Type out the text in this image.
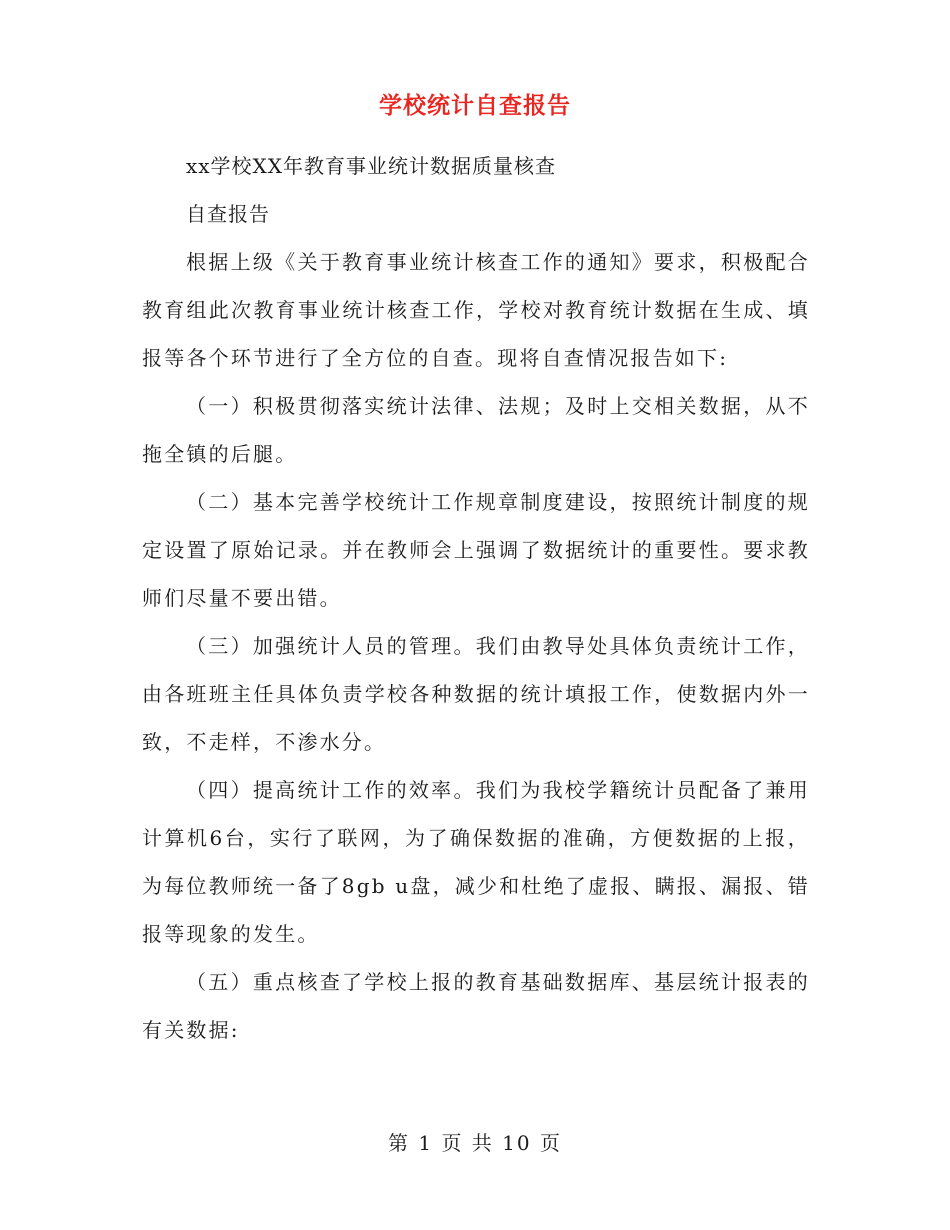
学校统计自查报告

xx学校XX年教育事业统计数据质量核查

自查报告

根据上级《关于教育事业统计核查工作的通知》要求，积极配合教育组此次教育事业统计核查工作，学校对教育统计数据在生成、填报等各个环节进行了全方位的自查。现将自查情况报告如下:

（一）积极贯彻落实统计法律、法规；及时上交相关数据，从不拖全镇的后腿。

（二）基本完善学校统计工作规章制度建设，按照统计制度的规定设置了原始记录。并在教师会上强调了数据统计的重要性。要求教师们尽量不要出错。

（三）加强统计人员的管理。我们由教导处具体负责统计工作，由各班班主任具体负责学校各种数据的统计填报工作，使数据内外一致，不走样，不渗水分。

（四）提高统计工作的效率。我们为我校学籍统计员配备了兼用计算机6台，实行了联网，为了确保数据的准确，方便数据的上报，为每位教师统一备了8gb u盘，减少和杜绝了虚报、瞒报、漏报、错报等现象的发生。

（五）重点核查了学校上报的教育基础数据库、基层统计报表的有关数据:

第 1 页 共 10 页
